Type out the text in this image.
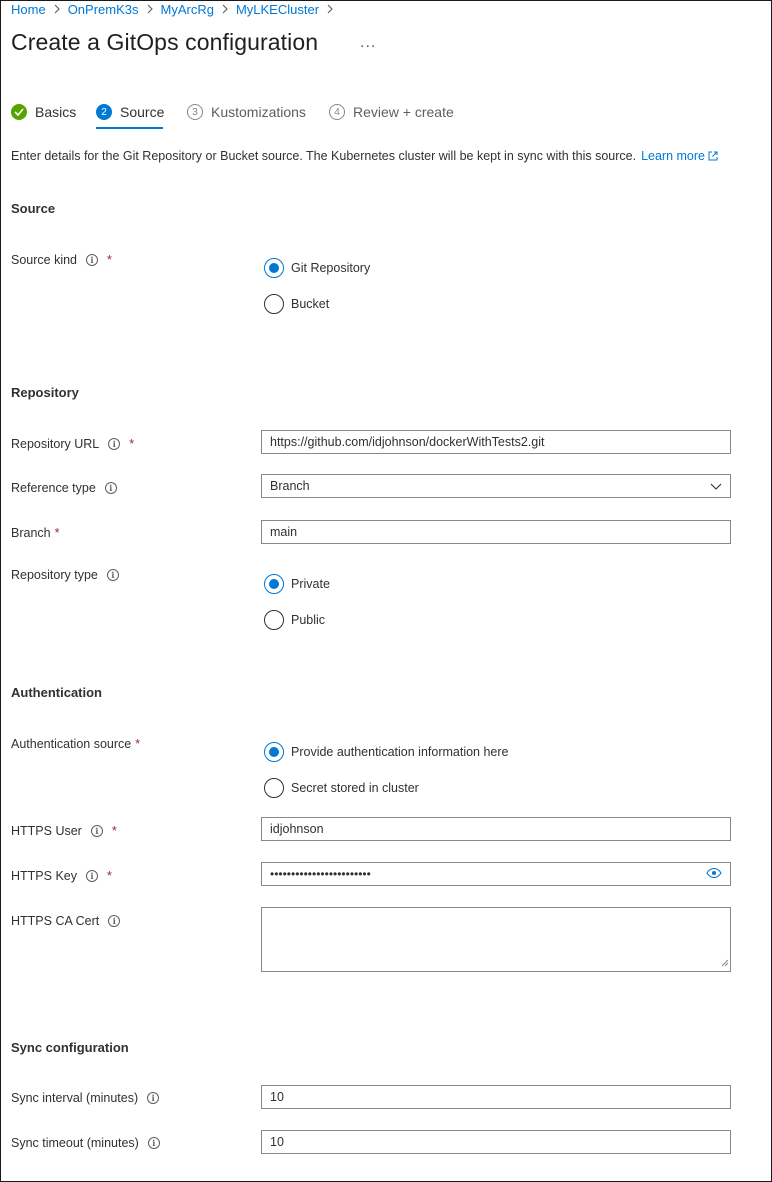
Home OnPremK3s MyArcRg MyLKECluster
Create a GitOps configuration	...
Basics	2 Source	3 Kustomizations	4 Review + create
Enter details for the Git Repository or Bucket source. The Kubernetes cluster will be kept in sync with this source. Learn more
Source
Source kind	i	*
Git Repository
Bucket
Repository
Repository URL	i	*	https://github.com/idjohnson/dockerWithTests2.git
Reference type	i	Branch
Branch *	main
Repository type	i
Private
Public
Authentication
Authentication source *
Provide authentication information here
Secret stored in cluster
HTTPS User	i	*	idjohnson
HTTPS Key	i	*	••••••••••••••••••••••••
HTTPS CA Cert	i
Sync configuration
Sync interval (minutes)	i	10
Sync timeout (minutes)	i	10
